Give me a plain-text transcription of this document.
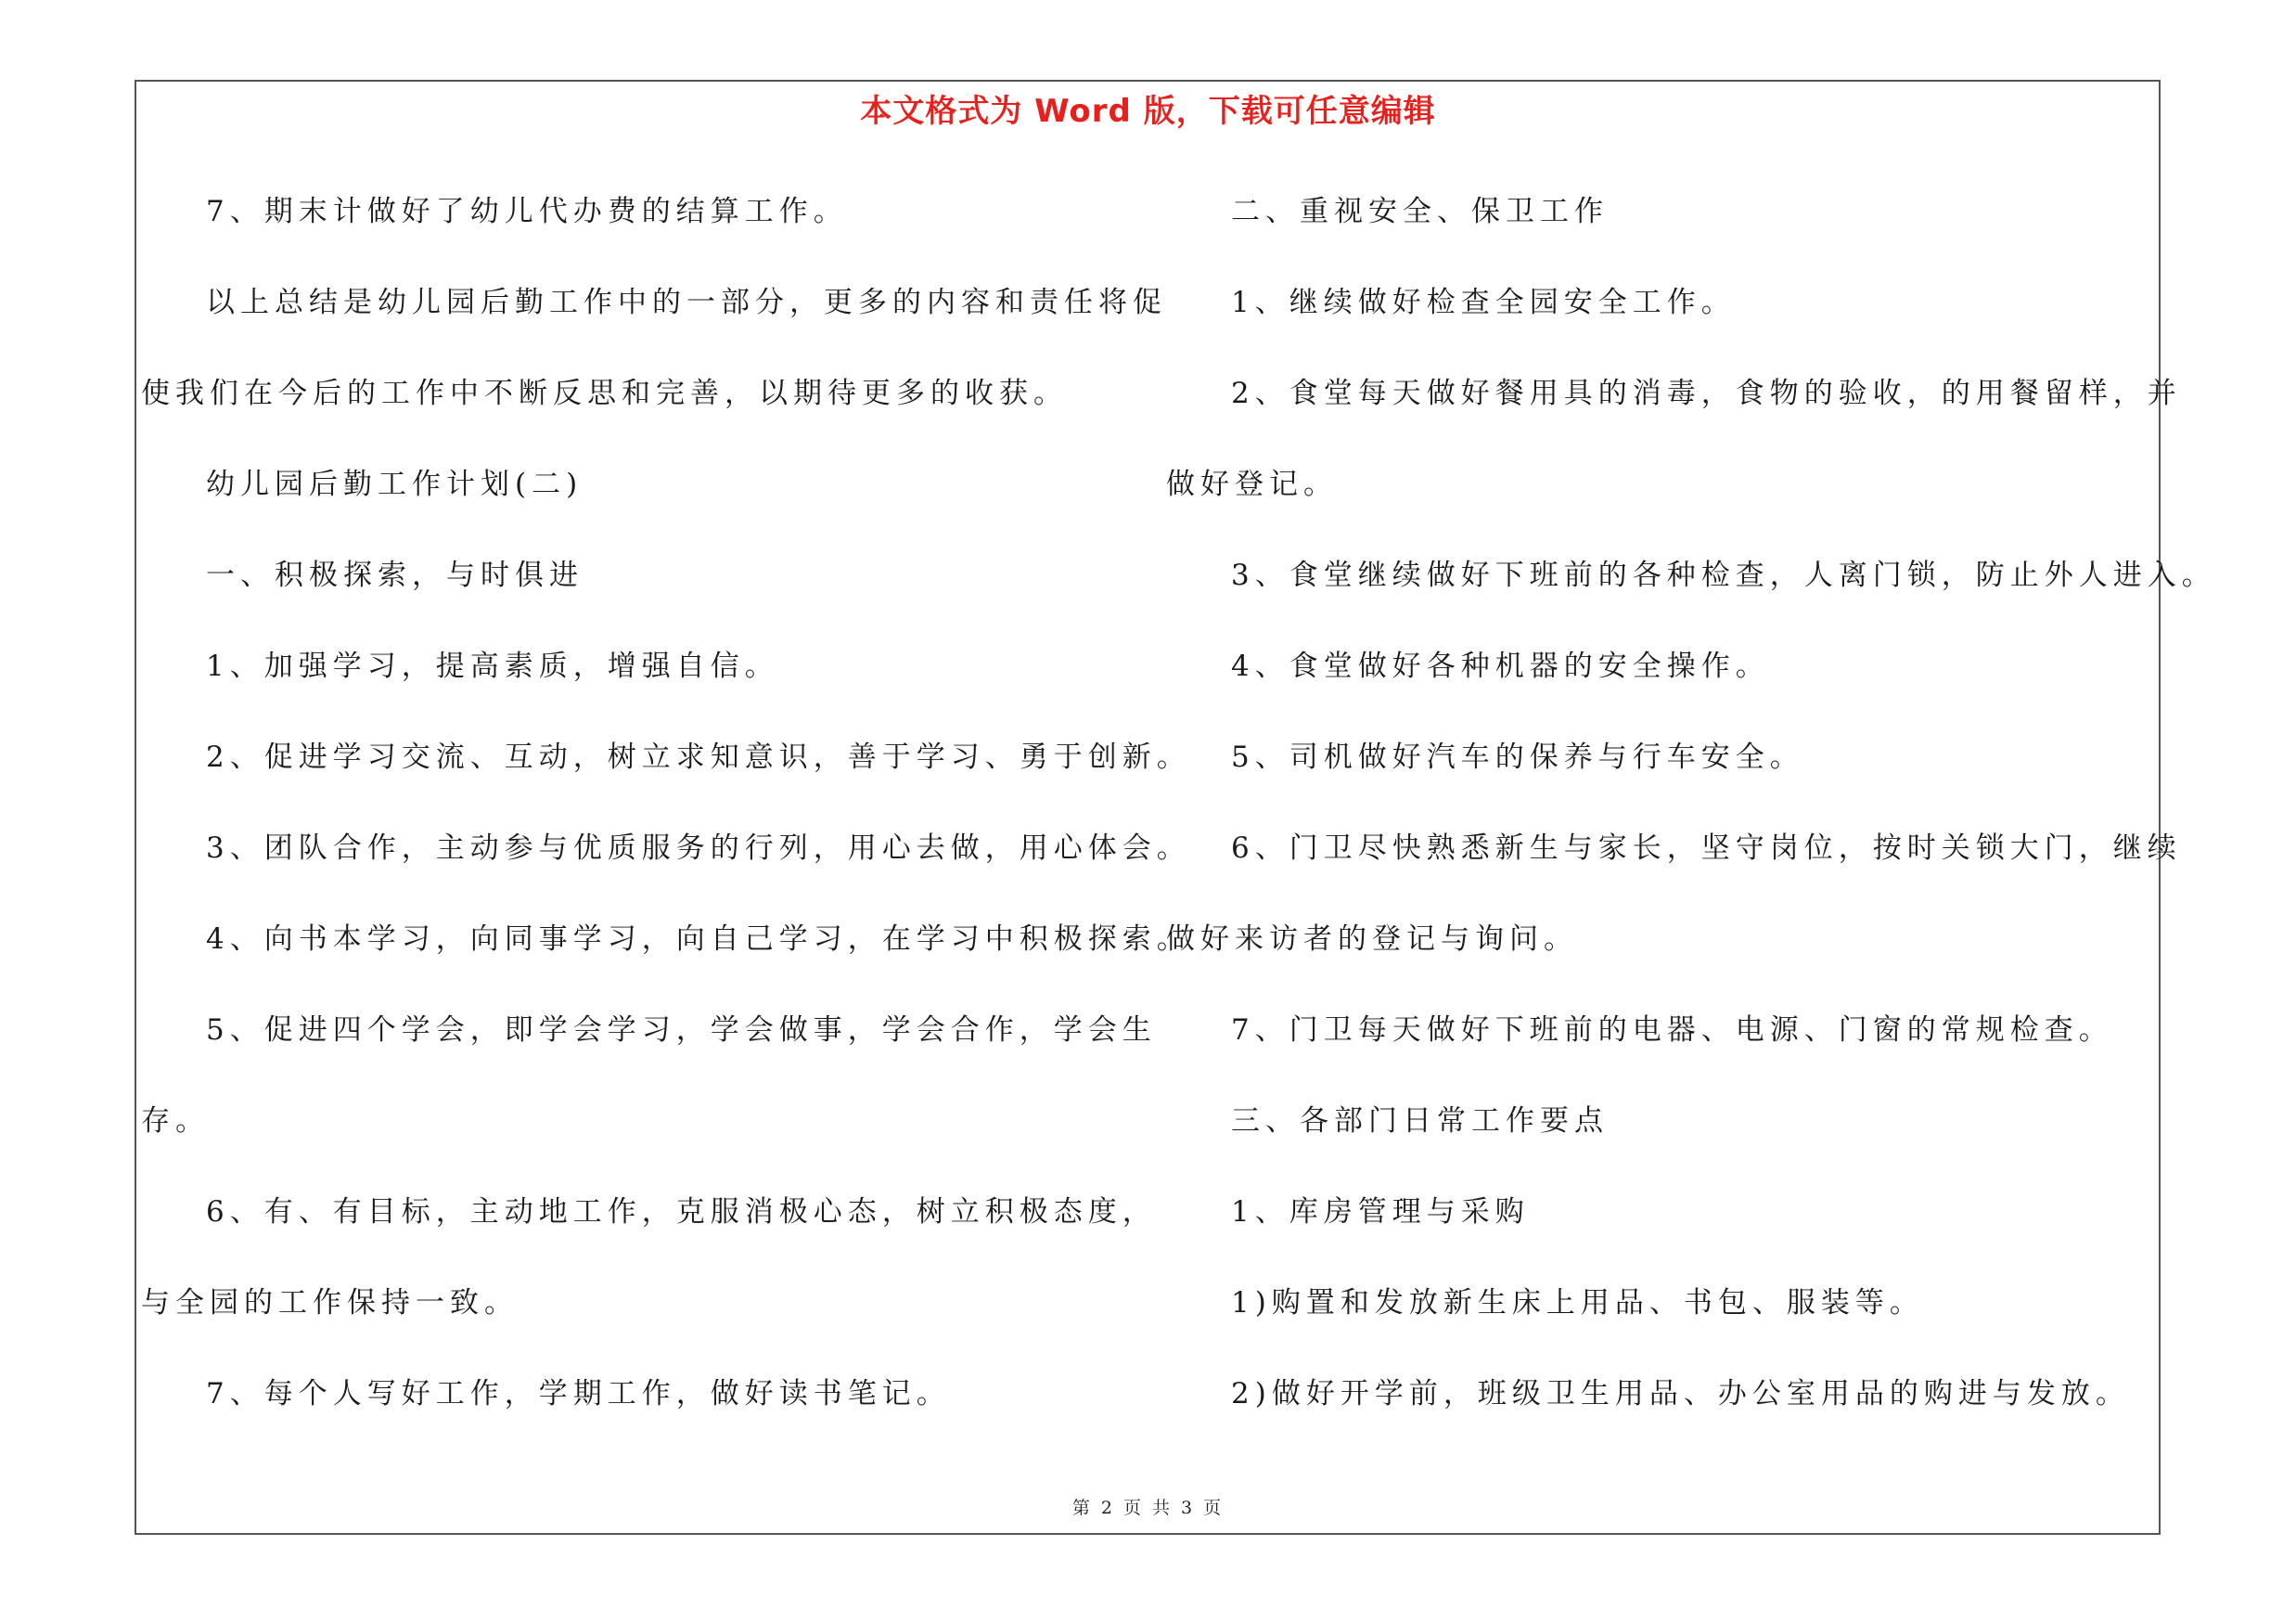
本文格式为 Word 版，下载可任意编辑
7、期末计做好了幼儿代办费的结算工作。
以上总结是幼儿园后勤工作中的一部分，更多的内容和责任将促
使我们在今后的工作中不断反思和完善，以期待更多的收获。
幼儿园后勤工作计划(二)
一、积极探索，与时俱进
1、加强学习，提高素质，增强自信。
2、促进学习交流、互动，树立求知意识，善于学习、勇于创新。
3、团队合作，主动参与优质服务的行列，用心去做，用心体会。
4、向书本学习，向同事学习，向自己学习，在学习中积极探索。
5、促进四个学会，即学会学习，学会做事，学会合作，学会生
存。
6、有、有目标，主动地工作，克服消极心态，树立积极态度，
与全园的工作保持一致。
7、每个人写好工作，学期工作，做好读书笔记。
二、重视安全、保卫工作
1、继续做好检查全园安全工作。
2、食堂每天做好餐用具的消毒，食物的验收，的用餐留样，并
做好登记。
3、食堂继续做好下班前的各种检查，人离门锁，防止外人进入。
4、食堂做好各种机器的安全操作。
5、司机做好汽车的保养与行车安全。
6、门卫尽快熟悉新生与家长，坚守岗位，按时关锁大门，继续
做好来访者的登记与询问。
7、门卫每天做好下班前的电器、电源、门窗的常规检查。
三、各部门日常工作要点
1、库房管理与采购
1)购置和发放新生床上用品、书包、服装等。
2)做好开学前，班级卫生用品、办公室用品的购进与发放。
第 2 页 共 3 页
